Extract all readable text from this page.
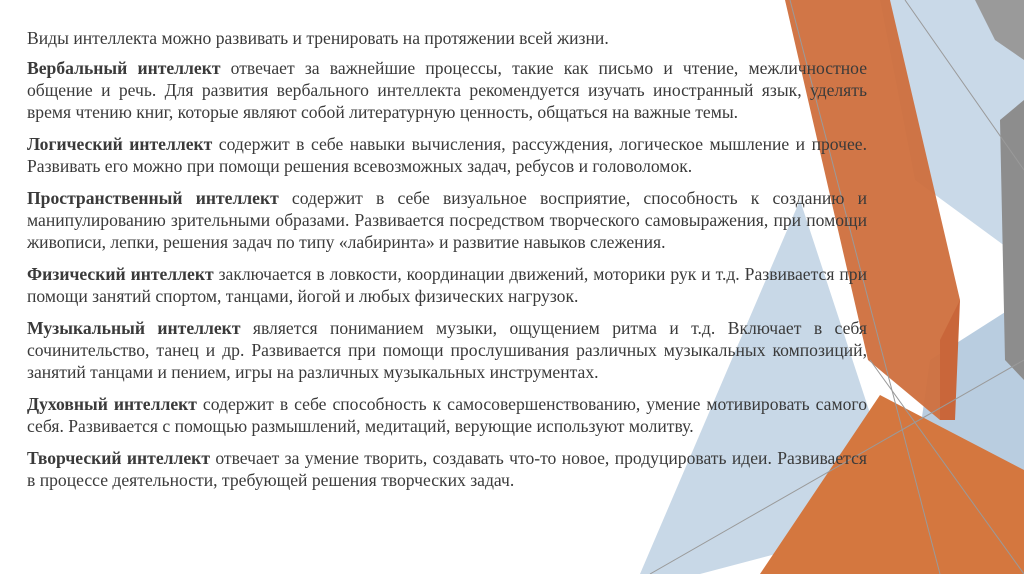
Виды интеллекта можно развивать и тренировать на протяжении всей жизни.

Вербальный интеллект отвечает за важнейшие процессы, такие как письмо и чтение, межличностное общение и речь. Для развития вербального интеллекта рекомендуется изучать иностранный язык, уделять время чтению книг, которые являют собой литературную ценность, общаться на важные темы.

Логический интеллект содержит в себе навыки вычисления, рассуждения, логическое мышление и прочее. Развивать его можно при помощи решения всевозможных задач, ребусов и головоломок.

Пространственный интеллект содержит в себе визуальное восприятие, способность к созданию и манипулированию зрительными образами. Развивается посредством творческого самовыражения, при помощи живописи, лепки, решения задач по типу «лабиринта» и развитие навыков слежения.

Физический интеллект заключается в ловкости, координации движений, моторики рук и т.д. Развивается при помощи занятий спортом, танцами, йогой и любых физических нагрузок.

Музыкальный интеллект является пониманием музыки, ощущением ритма и т.д. Включает в себя сочинительство, танец и др. Развивается при помощи прослушивания различных музыкальных композиций, занятий танцами и пением, игры на различных музыкальных инструментах.

Духовный интеллект содержит в себе способность к самосовершенствованию, умение мотивировать самого себя. Развивается с помощью размышлений, медитаций, верующие используют молитву.

Творческий интеллект отвечает за умение творить, создавать что-то новое, продуцировать идеи. Развивается в процессе деятельности, требующей решения творческих задач.
